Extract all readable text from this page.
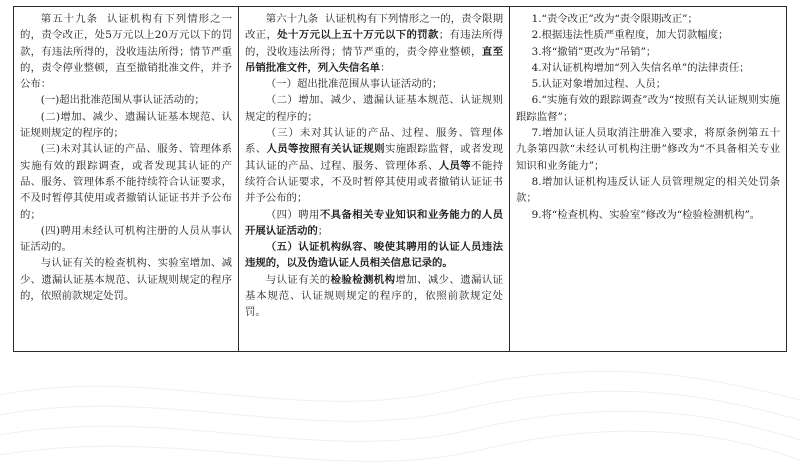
第五十九条 认证机构有下列情形之一的，责令改正，处5万元以上20万元以下的罚款，有违法所得的，没收违法所得；情节严重的，责令停业整顿，直至撤销批准文件，并予公布：

(一)超出批准范围从事认证活动的；

(二)增加、减少、遗漏认证基本规范、认证规则规定的程序的；

(三)未对其认证的产品、服务、管理体系实施有效的跟踪调查，或者发现其认证的产品、服务、管理体系不能持续符合认证要求，不及时暂停其使用或者撤销认证证书并予公布的；

(四)聘用未经认可机构注册的人员从事认证活动的。

与认证有关的检查机构、实验室增加、减少、遗漏认证基本规范、认证规则规定的程序的，依照前款规定处罚。

第六十九条 认证机构有下列情形之一的，责令限期改正，处十万元以上五十万元以下的罚款；有违法所得的，没收违法所得；情节严重的，责令停业整顿，直至吊销批准文件，列入失信名单：

（一）超出批准范围从事认证活动的；

（二）增加、减少、遗漏认证基本规范、认证规则规定的程序的；

（三）未对其认证的产品、过程、服务、管理体系、人员等按照有关认证规则实施跟踪监督，或者发现其认证的产品、过程、服务、管理体系、人员等不能持续符合认证要求，不及时暂停其使用或者撤销认证证书并予公布的；

（四）聘用不具备相关专业知识和业务能力的人员开展认证活动的；

（五）认证机构纵容、唆使其聘用的认证人员违法违规的，以及伪造认证人员相关信息记录的。

与认证有关的检验检测机构增加、减少、遗漏认证基本规范、认证规则规定的程序的，依照前款规定处罚。

1.“责令改正”改为“责令限期改正”；

2.根据违法性质严重程度，加大罚款幅度；

3.将“撤销”更改为“吊销”；

4.对认证机构增加“列入失信名单”的法律责任；

5.认证对象增加过程、人员；

6.“实施有效的跟踪调查”改为“按照有关认证规则实施跟踪监督”；

7.增加认证人员取消注册准入要求，将原条例第五十九条第四款“未经认可机构注册”修改为“不具备相关专业知识和业务能力”；

8.增加认证机构违反认证人员管理规定的相关处罚条款；

9.将“检查机构、实验室”修改为“检验检测机构”。
